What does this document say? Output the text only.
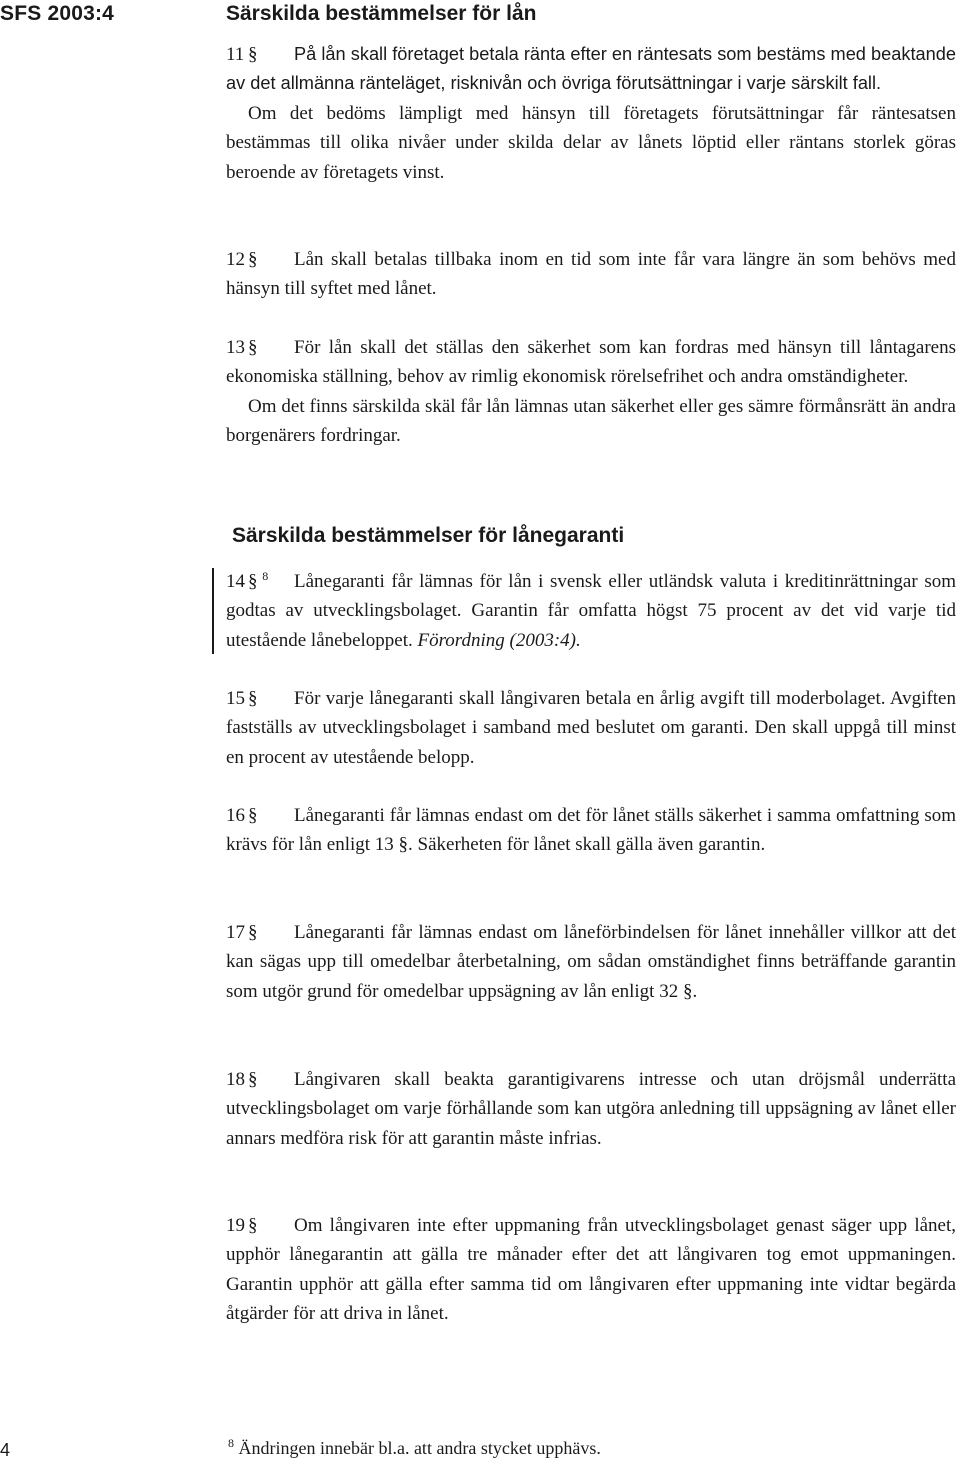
SFS 2003:4	Särskilda bestämmelser för lån

11 § På lån skall företaget betala ränta efter en räntesats som bestäms med beaktande av det allmänna ränteläget, risknivån och övriga förutsättningar i varje särskilt fall.

Om det bedöms lämpligt med hänsyn till företagets förutsättningar får räntesatsen bestämmas till olika nivåer under skilda delar av lånets löptid eller räntans storlek göras beroende av företagets vinst.

12 § Lån skall betalas tillbaka inom en tid som inte får vara längre än som behövs med hänsyn till syftet med lånet.

13 § För lån skall det ställas den säkerhet som kan fordras med hänsyn till låntagarens ekonomiska ställning, behov av rimlig ekonomisk rörelsefrihet och andra omständigheter.

Om det finns särskilda skäl får lån lämnas utan säkerhet eller ges sämre förmånsrätt än andra borgenärers fordringar.

Särskilda bestämmelser för lånegaranti

14 § $^8$ Lånegaranti får lämnas för lån i svensk eller utländsk valuta i kreditinrättningar som godtas av utvecklingsbolaget. Garantin får omfatta högst 75 procent av det vid varje tid utestående lånebeloppet. Förordning (2003:4).

15 § För varje lånegaranti skall långivaren betala en årlig avgift till moderbolaget. Avgiften fastställs av utvecklingsbolaget i samband med beslutet om garanti. Den skall uppgå till minst en procent av utestående belopp.

16 § Lånegaranti får lämnas endast om det för lånet ställs säkerhet i samma omfattning som krävs för lån enligt 13 §. Säkerheten för lånet skall gälla även garantin.

17 § Lånegaranti får lämnas endast om låneförbindelsen för lånet innehåller villkor att det kan sägas upp till omedelbar återbetalning, om sådan omständighet finns beträffande garantin som utgör grund för omedelbar uppsägning av lån enligt 32 §.

18 § Långivaren skall beakta garantigivarens intresse och utan dröjsmål underrätta utvecklingsbolaget om varje förhållande som kan utgöra anledning till uppsägning av lånet eller annars medföra risk för att garantin måste infrias.

19 § Om långivaren inte efter uppmaning från utvecklingsbolaget genast säger upp lånet, upphör lånegarantin att gälla tre månader efter det att långivaren tog emot uppmaningen. Garantin upphör att gälla efter samma tid om långivaren efter uppmaning inte vidtar begärda åtgärder för att driva in lånet.

4	$^8$ Ändringen innebär bl.a. att andra stycket upphävs.
